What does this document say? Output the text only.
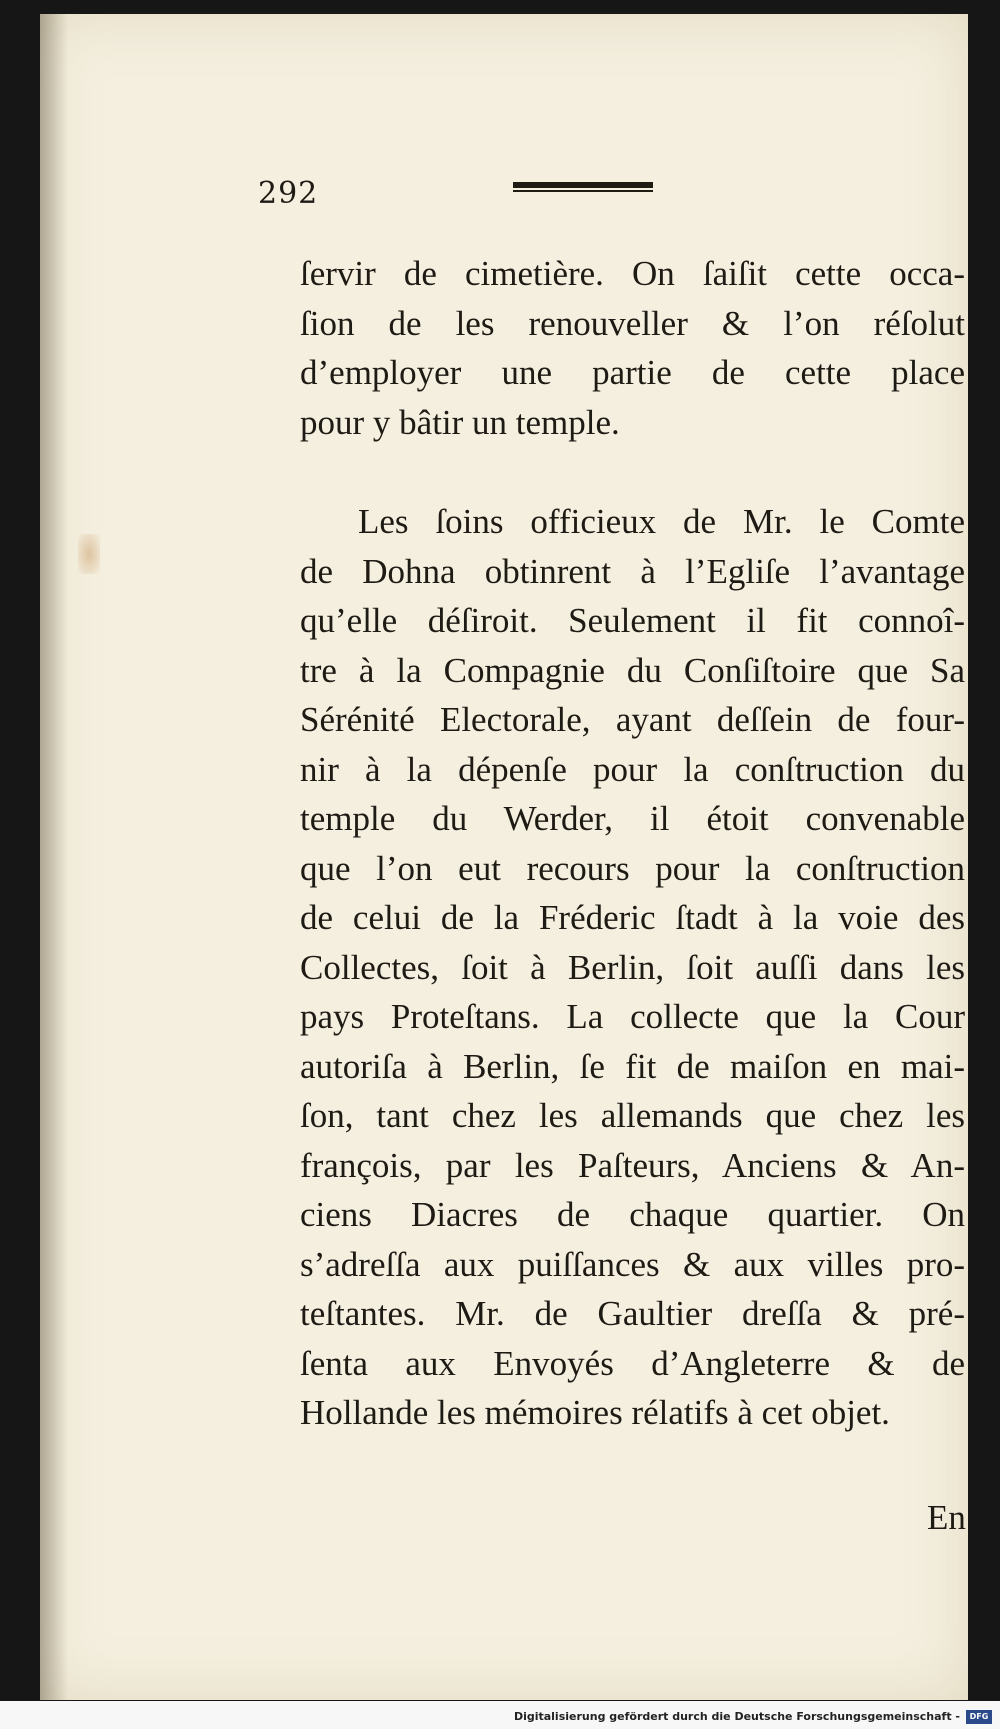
292
ſervir de cimetière. On ſaiſit cette occa-
ſion de les renouveller & l’on réſolut
d’employer une partie de cette place
pour y bâtir un temple.
Les ſoins officieux de Mr. le Comte
de Dohna obtinrent à l’Egliſe l’avantage
qu’elle déſiroit. Seulement il fit connoî-
tre à la Compagnie du Conſiſtoire que Sa
Sérénité Electorale, ayant deſſein de four-
nir à la dépenſe pour la conſtruction du
temple du Werder, il étoit convenable
que l’on eut recours pour la conſtruction
de celui de la Fréderic ſtadt à la voie des
Collectes, ſoit à Berlin, ſoit auſſi dans les
pays Proteſtans. La collecte que la Cour
autoriſa à Berlin, ſe fit de maiſon en mai-
ſon, tant chez les allemands que chez les
françois, par les Paſteurs, Anciens & An-
ciens Diacres de chaque quartier. On
s’adreſſa aux puiſſances & aux villes pro-
teſtantes. Mr. de Gaultier dreſſa & pré-
ſenta aux Envoyés d’Angleterre & de
Hollande les mémoires rélatifs à cet objet.
En
Digitalisierung gefördert durch die Deutsche Forschungsgemeinschaft -	DFG
